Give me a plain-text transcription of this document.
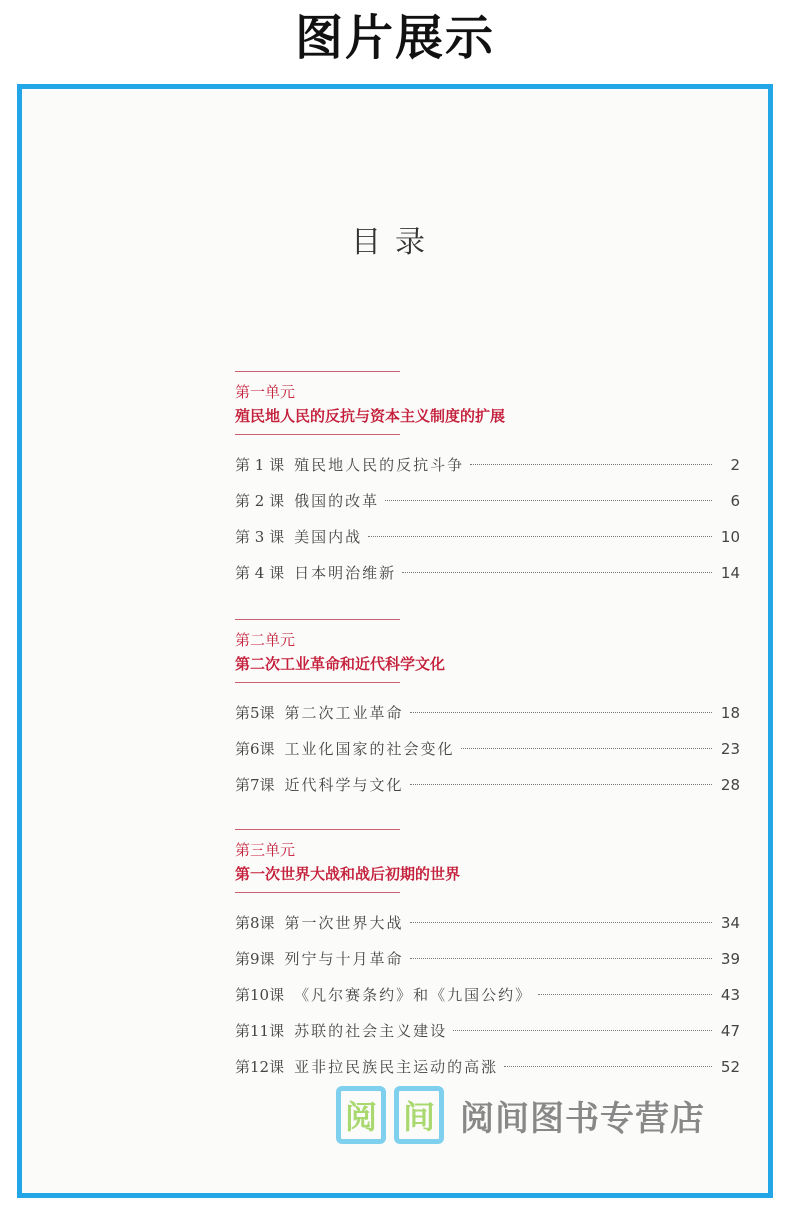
图片展示
目录
第一单元
殖民地人民的反抗与资本主义制度的扩展
第 1 课 殖民地人民的反抗斗争	2
第 2 课 俄国的改革	6
第 3 课 美国内战	10
第 4 课 日本明治维新	14
第二单元
第二次工业革命和近代科学文化
第5课 第二次工业革命	18
第6课 工业化国家的社会变化	23
第7课 近代科学与文化	28
第三单元
第一次世界大战和战后初期的世界
第8课 第一次世界大战	34
第9课 列宁与十月革命	39
第10课 《凡尔赛条约》和《九国公约》	43
第11课 苏联的社会主义建设	47
第12课 亚非拉民族民主运动的高涨	52
阅 间 阅间图书专营店
